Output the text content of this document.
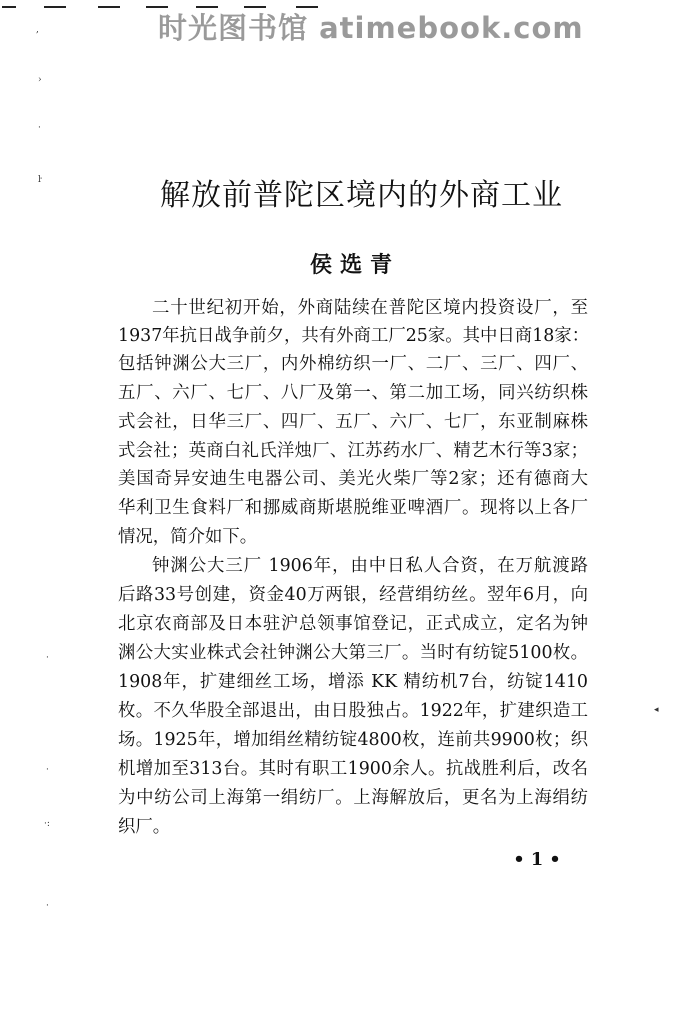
时光图书馆 atimebook.com
,
›
·
ŀ
·
·
·:
·
◂
解放前普陀区境内的外商工业
侯选青
二十世纪初开始，外商陆续在普陀区境内投资设厂，至
1937年抗日战争前夕，共有外商工厂25家。其中日商18家：
包括钟渊公大三厂，内外棉纺织一厂、二厂、三厂、四厂、
五厂、六厂、七厂、八厂及第一、第二加工场，同兴纺织株
式会社，日华三厂、四厂、五厂、六厂、七厂，东亚制麻株
式会社；英商白礼氏洋烛厂、江苏药水厂、精艺木行等3家；
美国奇异安迪生电器公司、美光火柴厂等2家；还有德商大
华利卫生食料厂和挪威商斯堪脱维亚啤酒厂。现将以上各厂
情况，简介如下。
钟渊公大三厂 1906年，由中日私人合资，在万航渡路
后路33号创建，资金40万两银，经营绢纺丝。翌年6月，向
北京农商部及日本驻沪总领事馆登记，正式成立，定名为钟
渊公大实业株式会社钟渊公大第三厂。当时有纺锭5100枚。
1908年，扩建细丝工场，增添 KK 精纺机7台，纺锭1410
枚。不久华股全部退出，由日股独占。1922年，扩建织造工
场。1925年，增加绢丝精纺锭4800枚，连前共9900枚；织
机增加至313台。其时有职工1900余人。抗战胜利后，改名
为中纺公司上海第一绢纺厂。上海解放后，更名为上海绢纺
织厂。
•1•
